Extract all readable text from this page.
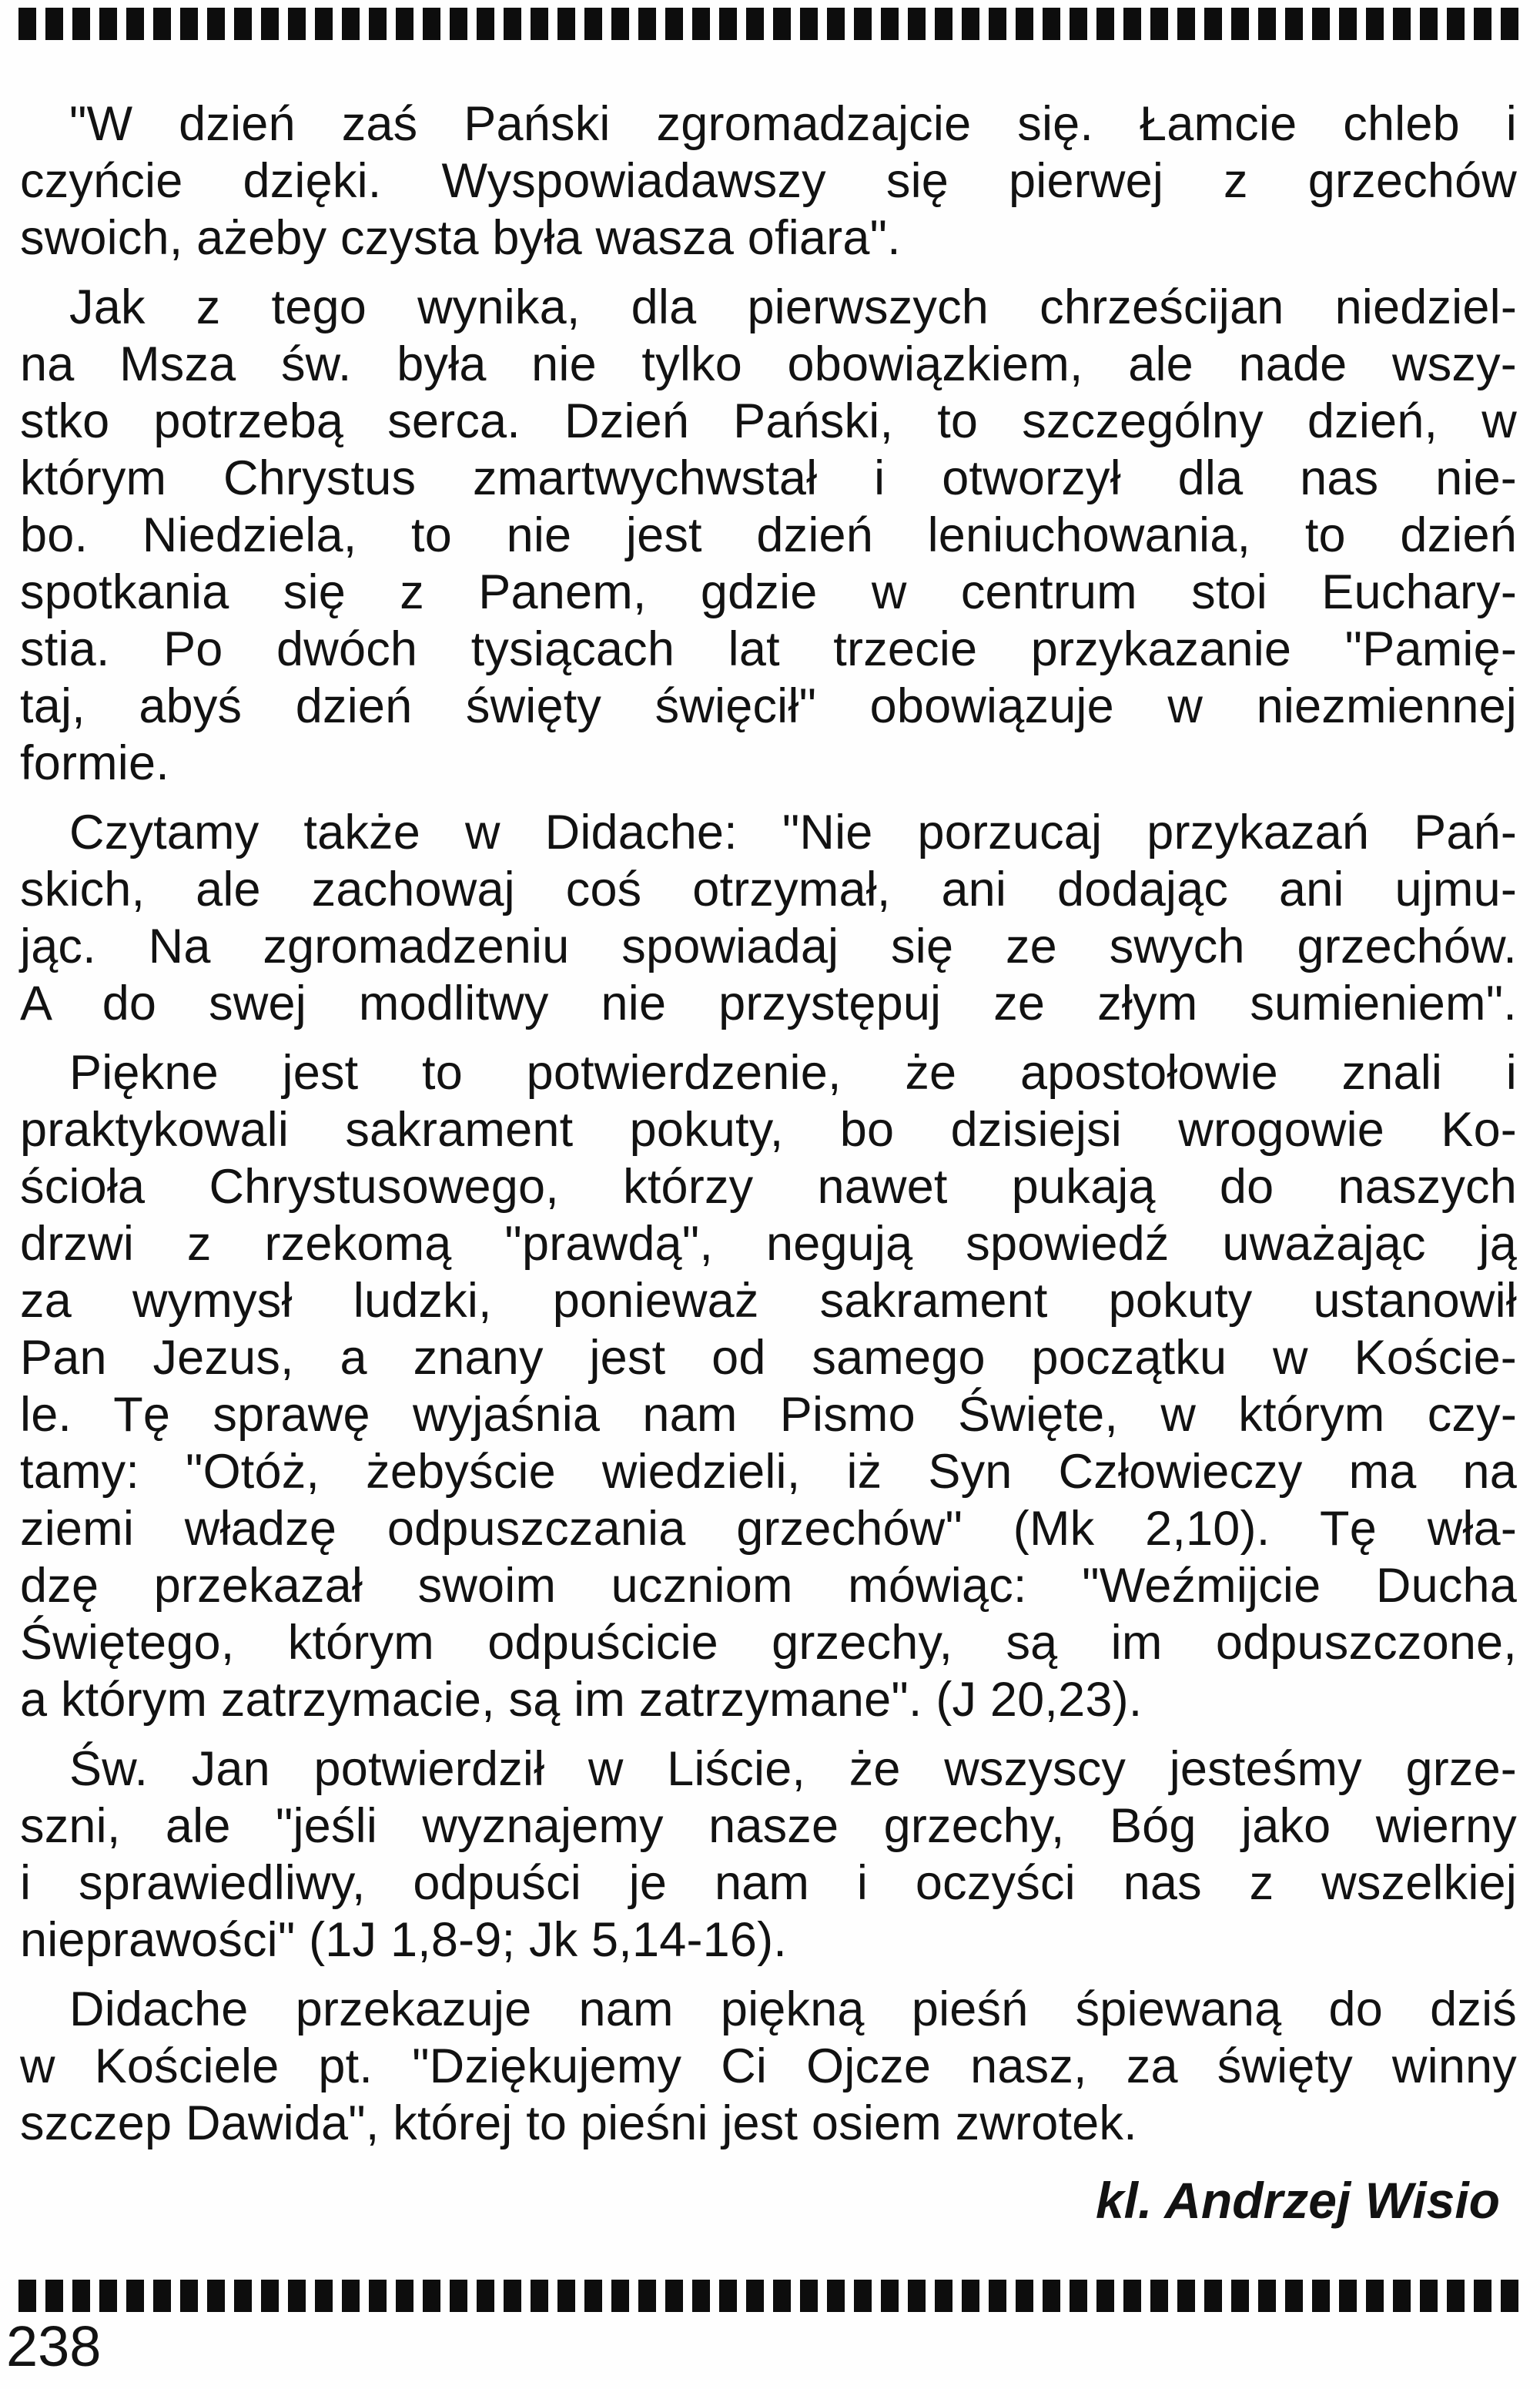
"W dzień zaś Pański zgromadzajcie się. Łamcie chleb i
czyńcie dzięki. Wyspowiadawszy się pierwej z grzechów
swoich, ażeby czysta była wasza ofiara".
Jak z tego wynika, dla pierwszych chrześcijan niedziel-
na Msza św. była nie tylko obowiązkiem, ale nade wszy-
stko potrzebą serca. Dzień Pański, to szczególny dzień, w
którym Chrystus zmartwychwstał i otworzył dla nas nie-
bo. Niedziela, to nie jest dzień leniuchowania, to dzień
spotkania się z Panem, gdzie w centrum stoi Euchary-
stia. Po dwóch tysiącach lat trzecie przykazanie "Pamię-
taj, abyś dzień święty święcił" obowiązuje w niezmiennej
formie.
Czytamy także w Didache: "Nie porzucaj przykazań Pań-
skich, ale zachowaj coś otrzymał, ani dodając ani ujmu-
jąc. Na zgromadzeniu spowiadaj się ze swych grzechów.
A do swej modlitwy nie przystępuj ze złym sumieniem".
Piękne jest to potwierdzenie, że apostołowie znali i
praktykowali sakrament pokuty, bo dzisiejsi wrogowie Ko-
ścioła Chrystusowego, którzy nawet pukają do naszych
drzwi z rzekomą "prawdą", negują spowiedź uważając ją
za wymysł ludzki, ponieważ sakrament pokuty ustanowił
Pan Jezus, a znany jest od samego początku w Koście-
le. Tę sprawę wyjaśnia nam Pismo Święte, w którym czy-
tamy: "Otóż, żebyście wiedzieli, iż Syn Człowieczy ma na
ziemi władzę odpuszczania grzechów" (Mk 2,10). Tę wła-
dzę przekazał swoim uczniom mówiąc: "Weźmijcie Ducha
Świętego, którym odpuścicie grzechy, są im odpuszczone,
a którym zatrzymacie, są im zatrzymane". (J 20,23).
Św. Jan potwierdził w Liście, że wszyscy jesteśmy grze-
szni, ale "jeśli wyznajemy nasze grzechy, Bóg jako wierny
i sprawiedliwy, odpuści je nam i oczyści nas z wszelkiej
nieprawości" (1J 1,8-9; Jk 5,14-16).
Didache przekazuje nam piękną pieśń śpiewaną do dziś
w Kościele pt. "Dziękujemy Ci Ojcze nasz, za święty winny
szczep Dawida", której to pieśni jest osiem zwrotek.
kl. Andrzej Wisio
238
